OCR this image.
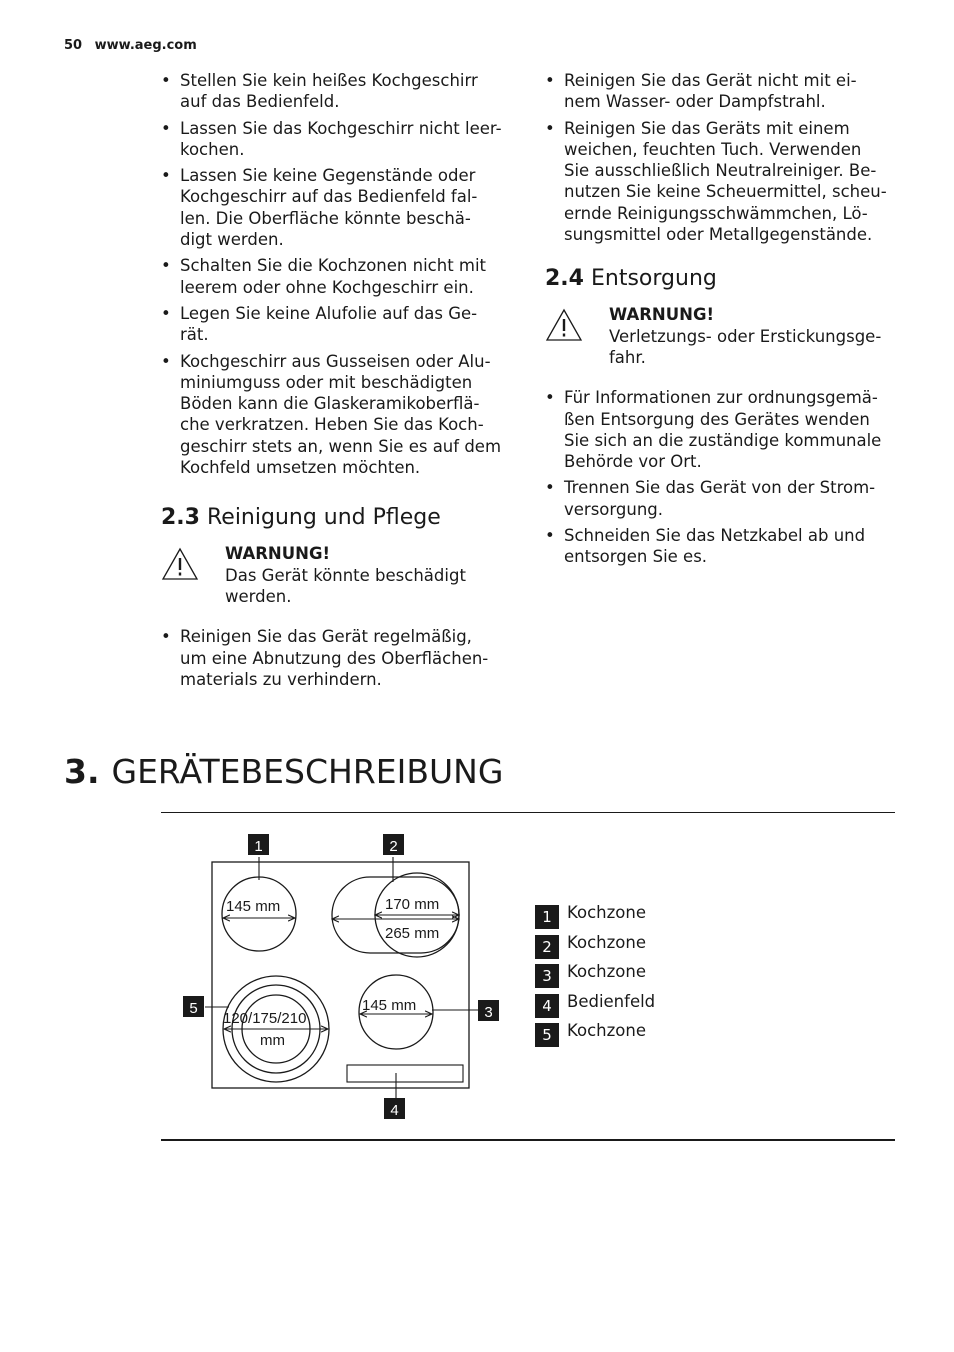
50 www.aeg.com
• Stellen Sie kein heißes Kochgeschirr
auf das Bedienfeld.
• Lassen Sie das Kochgeschirr nicht leer-
kochen.
• Lassen Sie keine Gegenstände oder
Kochgeschirr auf das Bedienfeld fal-
len. Die Oberfläche könnte beschä-
digt werden.
• Schalten Sie die Kochzonen nicht mit
leerem oder ohne Kochgeschirr ein.
• Legen Sie keine Alufolie auf das Ge-
rät.
• Kochgeschirr aus Gusseisen oder Alu-
miniumguss oder mit beschädigten
Böden kann die Glaskeramikoberflä-
che verkratzen. Heben Sie das Koch-
geschirr stets an, wenn Sie es auf dem
Kochfeld umsetzen möchten.
2.3 Reinigung und Pflege
WARNUNG!
Das Gerät könnte beschädigt
werden.
• Reinigen Sie das Gerät regelmäßig,
um eine Abnutzung des Oberflächen-
materials zu verhindern.
• Reinigen Sie das Gerät nicht mit ei-
nem Wasser- oder Dampfstrahl.
• Reinigen Sie das Geräts mit einem
weichen, feuchten Tuch. Verwenden
Sie ausschließlich Neutralreiniger. Be-
nutzen Sie keine Scheuermittel, scheu-
ernde Reinigungsschwämmchen, Lö-
sungsmittel oder Metallgegenstände.
2.4 Entsorgung
WARNUNG!
Verletzungs- oder Erstickungsge-
fahr.
• Für Informationen zur ordnungsgemä-
ßen Entsorgung des Gerätes wenden
Sie sich an die zuständige kommunale
Behörde vor Ort.
• Trennen Sie das Gerät von der Strom-
versorgung.
• Schneiden Sie das Netzkabel ab und
entsorgen Sie es.
3. GERÄTEBESCHREIBUNG
145 mm	170 mm
265 mm
120/175/210
mm
145 mm
1	2
3
4
5
1 Kochzone
2 Kochzone
3 Kochzone
4 Bedienfeld
5 Kochzone
